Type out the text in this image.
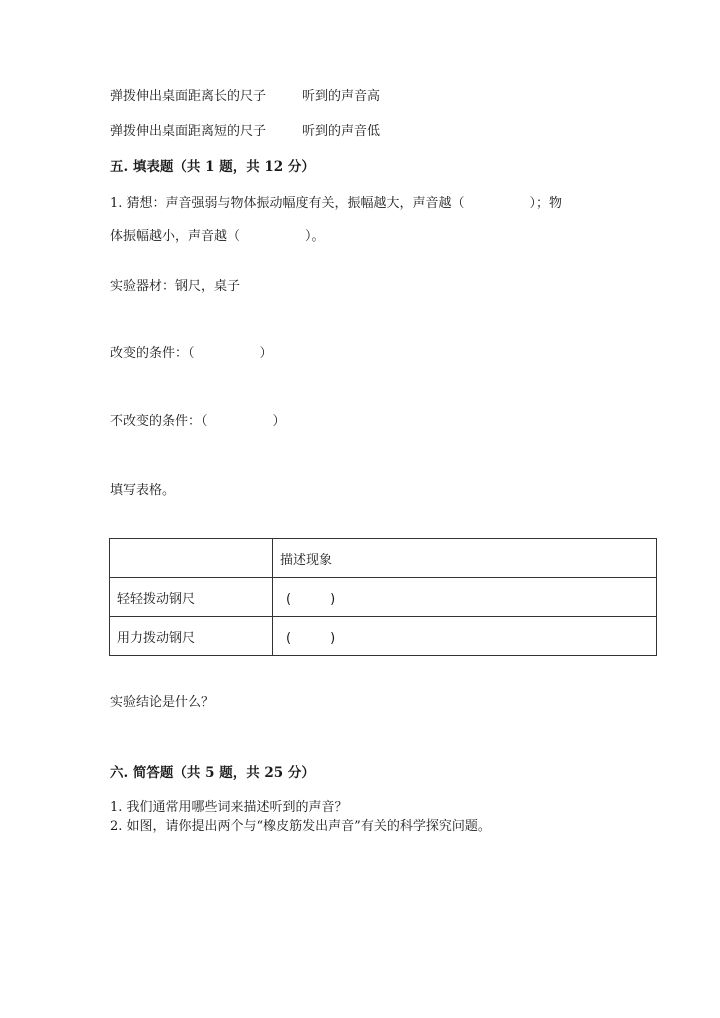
弹拨伸出桌面距离长的尺子	听到的声音高
弹拨伸出桌面距离短的尺子	听到的声音低
五. 填表题（共 1 题，共 12 分）
1. 猜想：声音强弱与物体振动幅度有关，振幅越大，声音越（　　　　　）；物
体振幅越小，声音越（　　　　　）。
实验器材：钢尺，桌子
改变的条件：（　　　　　）
不改变的条件：（　　　　　）
填写表格。
	描述现象
轻轻拨动钢尺	(　　　)
用力拨动钢尺	(　　　)
实验结论是什么？
六. 简答题（共 5 题，共 25 分）
1. 我们通常用哪些词来描述听到的声音？
2. 如图，请你提出两个与“橡皮筋发出声音”有关的科学探究问题。
